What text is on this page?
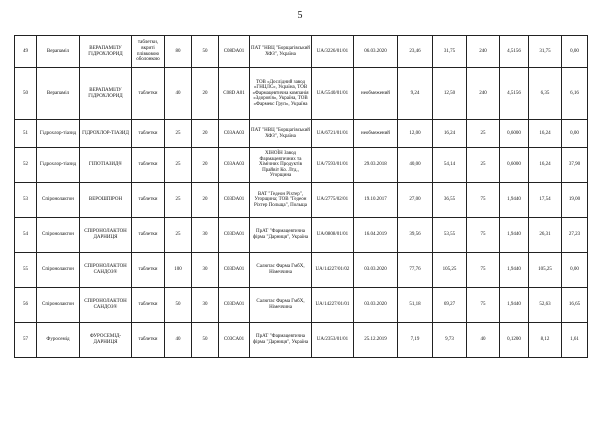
5
49	Верапаміл	ВЕРАПАМІЛУ ГІДРОХЛОРИД	таблетки, вкриті плівковою оболонкою	80	50	C08DA01	ПАТ "НВЦ "Борщагівський ХФЗ", Україна	UA/3226/01/01	06.03.2020	23,46	31,75	240	4,5156	31,75	0,00
50	Верапаміл	ВЕРАПАМІЛУ ГІДРОХЛОРИД	таблетки	40	20	C08D A01	ТОВ «Дослідний завод «ГНЦЛС», Україна, ТОВ «Фармацевтична компанія «Здоров'я», Україна, ТОВ «Фармекс Груп», Україна	UA/5540/01/01	необмежений	9,24	12,50	240	4,5156	6,35	6,16
51	Гідрохлор-тіазид	ГІДРОХЛОР-ТІАЗИД	таблетки	25	20	C03AA03	ПАТ "НВЦ "Борщагівський ХФЗ", Україна	UA/6721/01/01	необмежений	12,00	16,24	25	0,6000	16,24	0,00
52	Гідрохлор-тіазид	ГІПОТІАЗИД®	таблетки	25	20	C03AA03	ХІНОЇН Завод Фармацевтичних та Хімічних Продуктів Прайвіт Ко. Лтд., Угорщина	UA/7593/01/01	29.03.2018	40,00	54,14	25	0,6000	16,24	37,90
53	Спіронолактон	ВЕРОШПІРОН	таблетки	25	20	C03DA01	ВАТ "Гедеон Ріхтер", Угорщина; ТОВ "Гедеон Ріхтер Польща", Польща	UA/2775/02/01	19.10.2017	27,00	36,55	75	1,9440	17,54	19,00
54	Спіронолактон	СПІРОНОЛАКТОН ДАРНИЦЯ	таблетки	25	30	C03DA01	ПрАТ "Фармацевтична фірма "Дарниця", Україна	UA/0808/01/01	16.04.2019	39,56	53,55	75	1,9440	26,31	27,23
55	Спіронолактон	СПІРОНОЛАКТОН САНДОЗ®	таблетки	100	30	C03DA01	Салютас Фарма ГмбХ, Німеччина	UA/14227/01/02	03.03.2020	77,76	105,25	75	1,9440	105,25	0,00
56	Спіронолактон	СПІРОНОЛАКТОН САНДОЗ®	таблетки	50	30	C03DA01	Салютас Фарма ГмбХ, Німеччина	UA/14227/01/01	03.03.2020	51,18	69,27	75	1,9440	52,63	16,65
57	Фуросемід	ФУРОСЕМІД-ДАРНИЦЯ	таблетки	40	50	C03CA01	ПрАТ "Фармацевтична фірма "Дарниця", Україна	UA/2353/01/01	25.12.2019	7,19	9,73	40	0,1200	8,12	1,61
